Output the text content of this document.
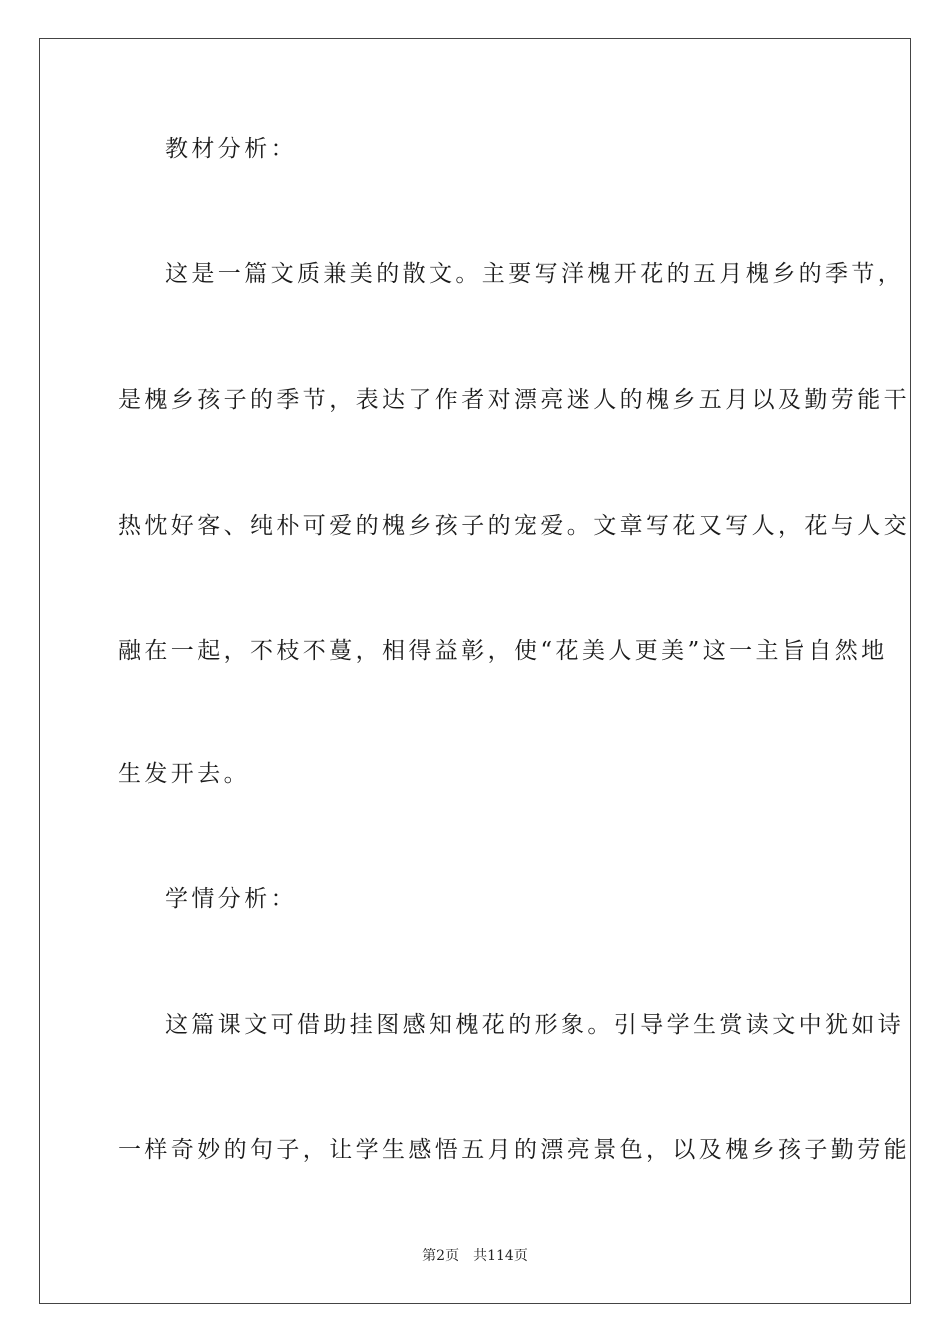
教材分析：
这是一篇文质兼美的散文。主要写洋槐开花的五月槐乡的季节，
是槐乡孩子的季节，表达了作者对漂亮迷人的槐乡五月以及勤劳能干
热忱好客、纯朴可爱的槐乡孩子的宠爱。文章写花又写人，花与人交
融在一起，不枝不蔓，相得益彰，使“花美人更美”这一主旨自然地
生发开去。
学情分析：
这篇课文可借助挂图感知槐花的形象。引导学生赏读文中犹如诗
一样奇妙的句子，让学生感悟五月的漂亮景色，以及槐乡孩子勤劳能
第2页 共114页
